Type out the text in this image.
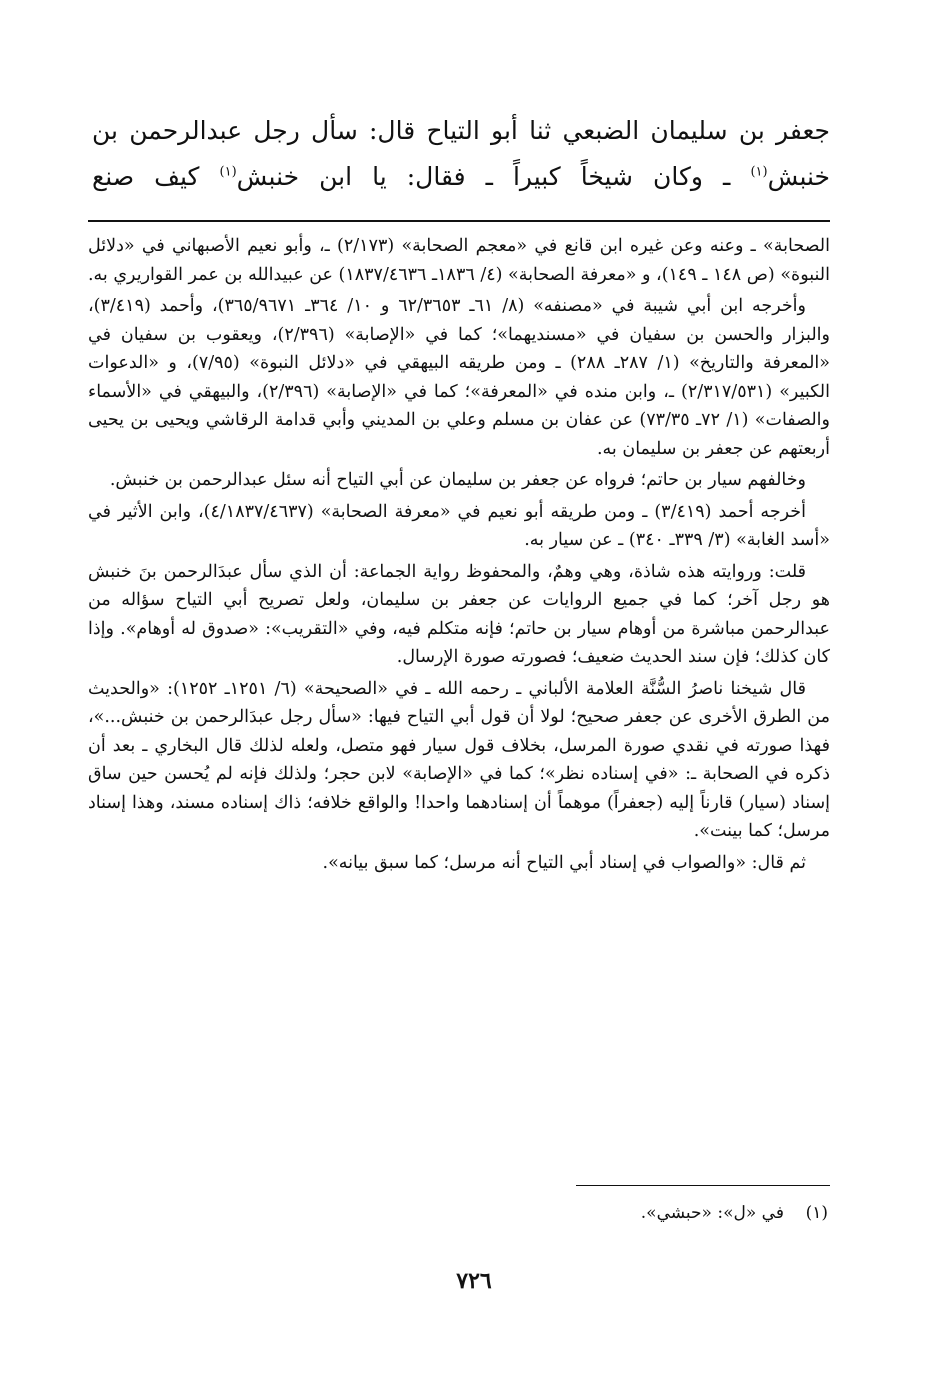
جعفر بن سليمان الضبعي ثنا أبو التياح قال: سأل رجل عبدالرحمن بن

خنبش$^{(١)}$ ـ وكان شيخاً كبيراً ـ فقال: يا ابن خنبش$^{(١)}$ كيف صنع

الصحابة» ـ وعنه وعن غيره ابن قانع في «معجم الصحابة» (٢/١٧٣) ـ، وأبو نعيم الأصبهاني في «دلائل النبوة» (ص ١٤٨ ـ ١٤٩)، و «معرفة الصحابة» (٤/ ١٨٣٦ـ ١٨٣٧/٤٦٣٦) عن عبيدالله بن عمر القواريري به.

وأخرجه ابن أبي شيبة في «مصنفه» (٨/ ٦١ـ ٦٢/٣٦٥٣ و ١٠/ ٣٦٤ـ ٣٦٥/٩٦٧١)، وأحمد (٣/٤١٩)، والبزار والحسن بن سفيان في «مسنديهما»؛ كما في «الإصابة» (٢/٣٩٦)، ويعقوب بن سفيان في «المعرفة والتاريخ» (١/ ٢٨٧ـ ٢٨٨) ـ ومن طريقه البيهقي في «دلائل النبوة» (٧/٩٥)، و «الدعوات الكبير» (٢/٣١٧/٥٣١) ـ، وابن منده في «المعرفة»؛ كما في «الإصابة» (٢/٣٩٦)، والبيهقي في «الأسماء والصفات» (١/ ٧٢ـ ٧٣/٣٥) عن عفان بن مسلم وعلي بن المديني وأبي قدامة الرقاشي ويحيى بن يحيى أربعتهم عن جعفر بن سليمان به.

وخالفهم سيار بن حاتم؛ فرواه عن جعفر بن سليمان عن أبي التياح أنه سئل عبدالرحمن بن خنبش.

أخرجه أحمد (٣/٤١٩) ـ ومن طريقه أبو نعيم في «معرفة الصحابة» (٤/١٨٣٧/٤٦٣٧)، وابن الأثير في «أسد الغابة» (٣/ ٣٣٩ـ ٣٤٠) ـ عن سيار به.

قلت: وروايته هذه شاذة، وهي وهمٌ، والمحفوظ رواية الجماعة: أن الذي سأل عبدَالرحمن بنَ خنبش هو رجل آخر؛ كما في جميع الروايات عن جعفر بن سليمان، ولعل تصريح أبي التياح سؤاله من عبدالرحمن مباشرة من أوهام سيار بن حاتم؛ فإنه متكلم فيه، وفي «التقريب»: «صدوق له أوهام». وإذا كان كذلك؛ فإن سند الحديث ضعيف؛ فصورته صورة الإرسال.

قال شيخنا ناصرُ السُّنَّة العلامة الألباني ـ رحمه الله ـ في «الصحيحة» (٦/ ١٢٥١ـ ١٢٥٢): «والحديث من الطرق الأخرى عن جعفر صحيح؛ لولا أن قول أبي التياح فيها: «سأل رجل عبدَالرحمن بن خنبش...»، فهذا صورته في نقدي صورة المرسل، بخلاف قول سيار فهو متصل، ولعله لذلك قال البخاري ـ بعد أن ذكره في الصحابة ـ: «في إسناده نظر»؛ كما في «الإصابة» لابن حجر؛ ولذلك فإنه لم يُحسن حين ساق إسناد (سيار) قارناً إليه (جعفراً) موهماً أن إسنادهما واحدا! والواقع خلافه؛ ذاك إسناده مسند، وهذا إسناد مرسل؛ كما بينت».

ثم قال: «والصواب في إسناد أبي التياح أنه مرسل؛ كما سبق بيانه».

(١)    في «ل»: «حبشي».
٧٢٦
